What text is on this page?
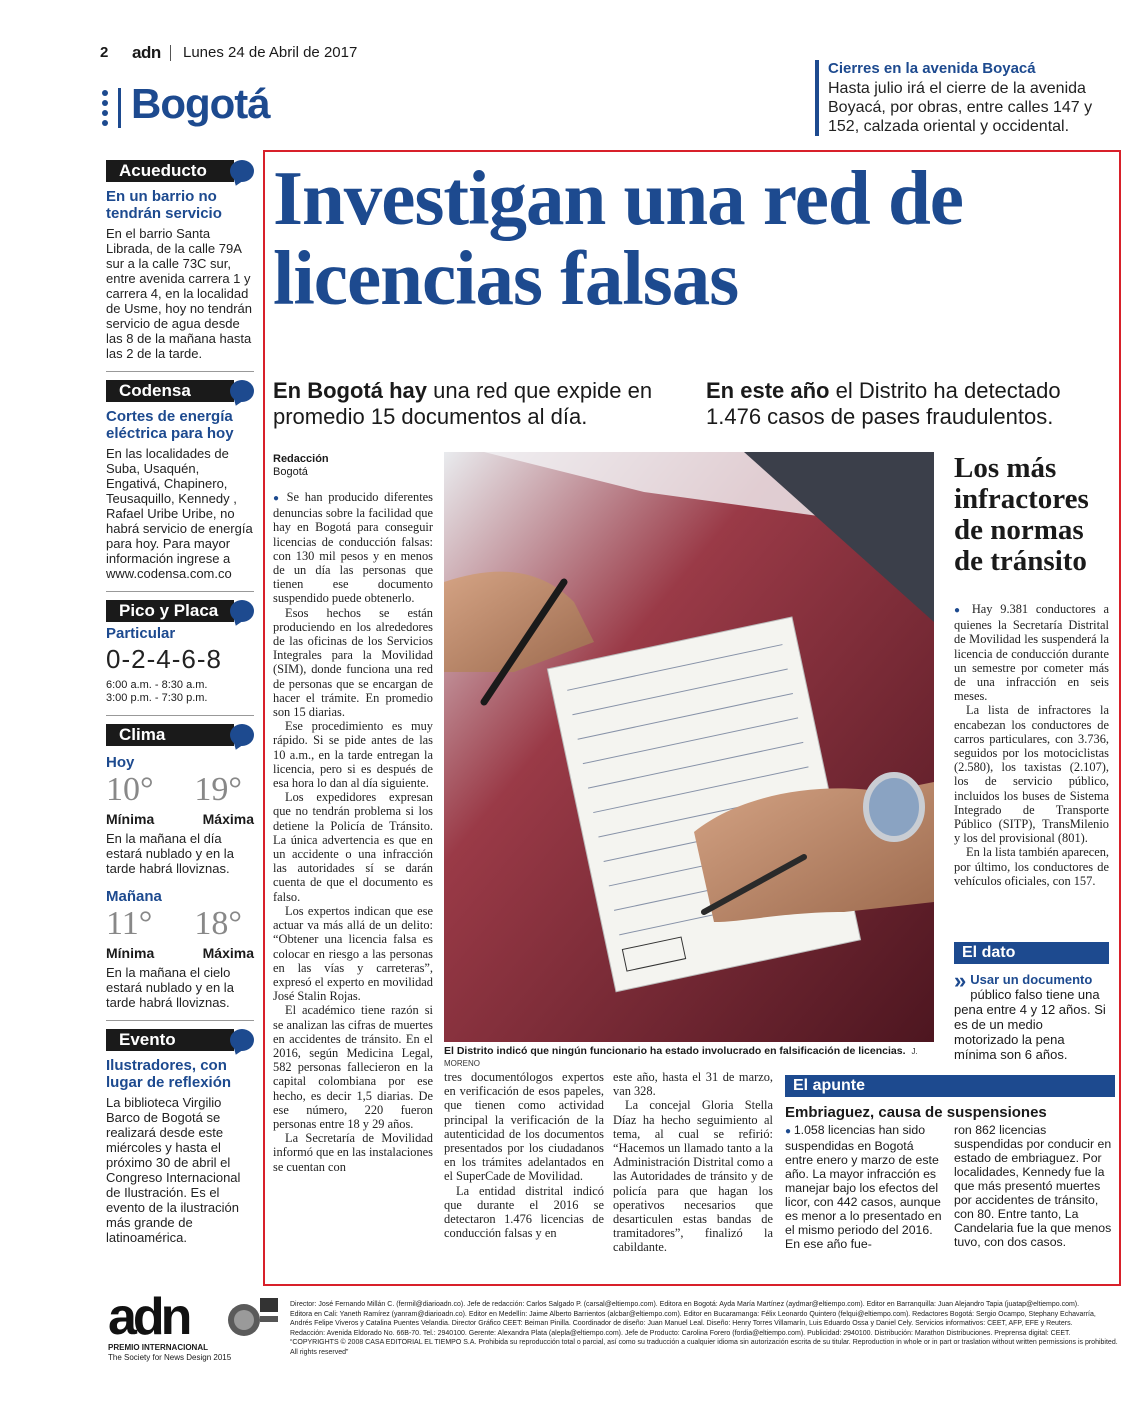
2 adn Lunes 24 de Abril de 2017
Bogotá
Cierres en la avenida Boyacá

Hasta julio irá el cierre de la avenida Boyacá, por obras, entre calles 147 y 152, calzada oriental y occidental.

Acueducto
En un barrio no tendrán servicio
En el barrio Santa Librada, de la calle 79A sur a la calle 73C sur, entre avenida carrera 1 y carrera 4, en la localidad de Usme, hoy no tendrán servicio de agua desde las 8 de la mañana hasta las 2 de la tarde.
Codensa
Cortes de energía eléctrica para hoy
En las localidades de Suba, Usaquén, Engativá, Chapinero, Teusaquillo, Kennedy , Rafael Uribe Uribe, no habrá servicio de energía para hoy. Para mayor información ingrese a www.codensa.com.co
Pico y Placa
Particular
0-2-4-6-8
6:00 a.m. - 8:30 a.m.
3:00 p.m. - 7:30 p.m.
Clima
Hoy
10° 19°
Mínima	Máxima
En la mañana el día estará nublado y en la tarde habrá lloviznas.
Mañana
11° 18°
Mínima	Máxima
En la mañana el cielo estará nublado y en la tarde habrá lloviznas.
Evento
Ilustradores, con lugar de reflexión
La biblioteca Virgilio Barco de Bogotá se realizará desde este miércoles y hasta el próximo 30 de abril el Congreso Internacional de Ilustración. Es el evento de la ilustración más grande de latinoamérica.
Investigan una red de licencias falsas
En Bogotá hay una red que expide en promedio 15 documentos al día.
En este año el Distrito ha detectado 1.476 casos de pases fraudulentos.
Redacción
Bogotá

● Se han producido diferentes denuncias sobre la facilidad que hay en Bogotá para conseguir licencias de conducción falsas: con 130 mil pesos y en menos de un día las personas que tienen ese documento suspendido puede obtenerlo.

Esos hechos se están produciendo en los alrededores de las oficinas de los Servicios Integrales para la Movilidad (SIM), donde funciona una red de personas que se encargan de hacer el trámite. En promedio son 15 diarias.

Ese procedimiento es muy rápido. Si se pide antes de las 10 a.m., en la tarde entregan la licencia, pero si es después de esa hora lo dan al día siguiente.

Los expedidores expresan que no tendrán problema si los detiene la Policía de Tránsito. La única advertencia es que en un accidente o una infracción las autoridades sí se darán cuenta de que el documento es falso.

Los expertos indican que ese actuar va más allá de un delito: “Obtener una licencia falsa es colocar en riesgo a las personas en las vías y carreteras”, expresó el experto en movilidad José Stalin Rojas.

El académico tiene razón si se analizan las cifras de muertes en accidentes de tránsito. En el 2016, según Medicina Legal, 582 personas fallecieron en la capital colombiana por ese hecho, es decir 1,5 diarias. De ese número, 220 fueron personas entre 18 y 29 años.

La Secretaría de Movilidad informó que en las instalaciones se cuentan con

El Distrito indicó que ningún funcionario ha estado involucrado en falsificación de licencias. J. MORENO

tres documentólogos expertos en verificación de esos papeles, que tienen como actividad principal la verificación de la autenticidad de los documentos presentados por los ciudadanos en los trámites adelantados en el SuperCade de Movilidad.

La entidad distrital indicó que durante el 2016 se detectaron 1.476 licencias de conducción falsas y en

este año, hasta el 31 de marzo, van 328.

La concejal Gloria Stella Díaz ha hecho seguimiento al tema, al cual se refirió: “Hacemos un llamado tanto a la Administración Distrital como a las Autoridades de tránsito y de policía para que hagan los operativos necesarios que desarticulen estas bandas de tramitadores”, finalizó la cabildante.

Los más infractores de normas de tránsito

● Hay 9.381 conductores a quienes la Secretaría Distrital de Movilidad les suspenderá la licencia de conducción durante un semestre por cometer más de una infracción en seis meses.

La lista de infractores la encabezan los conductores de carros particulares, con 3.736, seguidos por los motociclistas (2.580), los taxistas (2.107), los de servicio público, incluidos los buses de Sistema Integrado de Transporte Público (SITP), TransMilenio y los del provisional (801).

En la lista también aparecen, por último, los conductores de vehículos oficiales, con 157.

El dato
» Usar un documento público falso tiene una pena entre 4 y 12 años. Si es de un medio motorizado la pena mínima son 6 años.
El apunte
Embriaguez, causa de suspensiones
● 1.058 licencias han sido suspendidas en Bogotá entre enero y marzo de este año. La mayor infracción es manejar bajo los efectos del licor, con 442 casos, aunque es menor a lo presentado en el mismo periodo del 2016. En ese año fue-
ron 862 licencias suspendidas por conducir en estado de embriaguez. Por localidades, Kennedy fue la que más presentó muertes por accidentes de tránsito, con 80. Entre tanto, La Candelaria fue la que menos tuvo, con dos casos.
adn
PREMIO INTERNACIONAL
The Society for News Design 2015
Director: José Fernando Millán C. (fermil@diarioadn.co). Jefe de redacción: Carlos Salgado P. (carsal@eltiempo.com). Editora en Bogotá: Ayda María Martínez (aydmar@eltiempo.com). Editor en Barranquilla: Juan Alejandro Tapia (juatap@eltiempo.com).
Editora en Cali: Yaneth Ramírez (yanram@diarioadn.co). Editor en Medellín: Jaime Alberto Barrientos (alcbar@eltiempo.com). Editor en Bucaramanga: Félix Leonardo Quintero (felqui@eltiempo.com). Redactores Bogotá: Sergio Ocampo, Stephany Echavarría,
Andrés Felipe Viveros y Catalina Puentes Velandia. Director Gráfico CEET: Beiman Pinilla. Coordinador de diseño: Juan Manuel Leal. Diseño: Henry Torres Villamarín, Luis Eduardo Ossa y Daniel Cely. Servicios informativos: CEET, AFP, EFE y Reuters.
Redacción: Avenida Eldorado No. 66B-70. Tel.: 2940100. Gerente: Alexandra Plata (alepla@eltiempo.com). Jefe de Producto: Carolina Forero (fordia@eltiempo.com). Publicidad: 2940100. Distribución: Marathon Distribuciones. Preprensa digital: CEET.
“COPYRIGHTS © 2008 CASA EDITORIAL EL TIEMPO S.A. Prohibida su reproducción total o parcial, así como su traducción a cualquier idioma sin autorización escrita de su titular. Reproduction in whole or in part or traslation without written permissions is prohibited. All rights reserved”
